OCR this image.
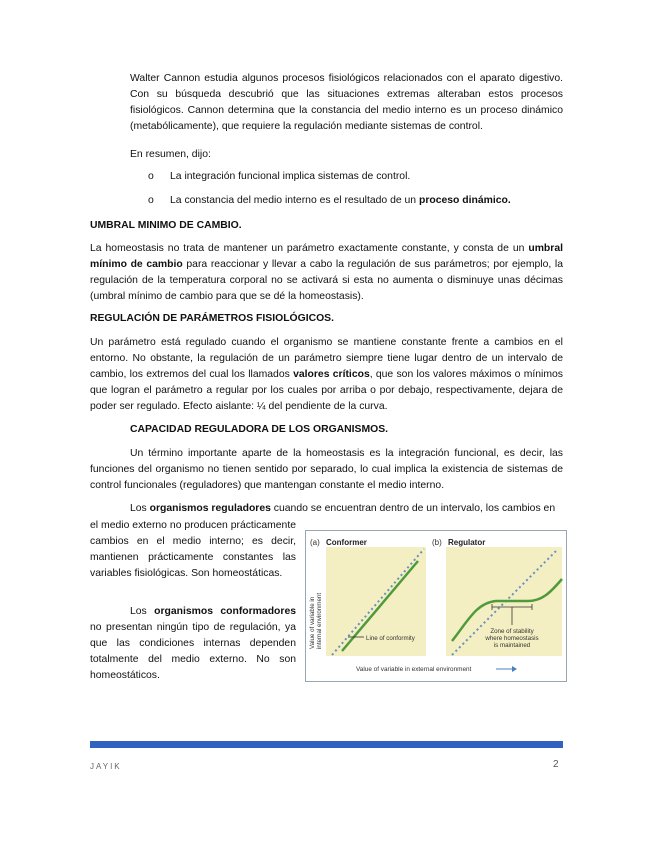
Walter Cannon estudia algunos procesos fisiológicos relacionados con el aparato digestivo. Con su búsqueda descubrió que las situaciones extremas alteraban estos procesos fisiológicos. Cannon determina que la constancia del medio interno es un proceso dinámico (metabólicamente), que requiere la regulación mediante sistemas de control.
En resumen, dijo:
o La integración funcional implica sistemas de control.
o La constancia del medio interno es el resultado de un proceso dinámico.
UMBRAL MINIMO DE CAMBIO.
La homeostasis no trata de mantener un parámetro exactamente constante, y consta de un umbral mínimo de cambio para reaccionar y llevar a cabo la regulación de sus parámetros; por ejemplo, la regulación de la temperatura corporal no se activará si esta no aumenta o disminuye unas décimas (umbral mínimo de cambio para que se dé la homeostasis).
REGULACIÓN DE PARÁMETROS FISIOLÓGICOS.
Un parámetro está regulado cuando el organismo se mantiene constante frente a cambios en el entorno. No obstante, la regulación de un parámetro siempre tiene lugar dentro de un intervalo de cambio, los extremos del cual los llamados valores críticos, que son los valores máximos o mínimos que logran el parámetro a regular por los cuales por arriba o por debajo, respectivamente, dejara de poder ser regulado. Efecto aislante: ¼ del pendiente de la curva.
CAPACIDAD REGULADORA DE LOS ORGANISMOS.
Un término importante aparte de la homeostasis es la integración funcional, es decir, las funciones del organismo no tienen sentido por separado, lo cual implica la existencia de sistemas de control funcionales (reguladores) que mantengan constante el medio interno.
Los organismos reguladores cuando se encuentran dentro de un intervalo, los cambios en
el medio externo no producen prácticamente cambios en el medio interno; es decir, mantienen prácticamente constantes las variables fisiológicas. Son homeostáticas.
Los organismos conformadores no presentan ningún tipo de regulación, ya que las condiciones internas dependen totalmente del medio externo. No son homeostáticos.
(a) Conformer	(b) Regulator
Value of variable in internal environment	Line of conformity
Zone of stability
where homeostasis
is maintained
Value of variable in external environment
JAYIK	2
